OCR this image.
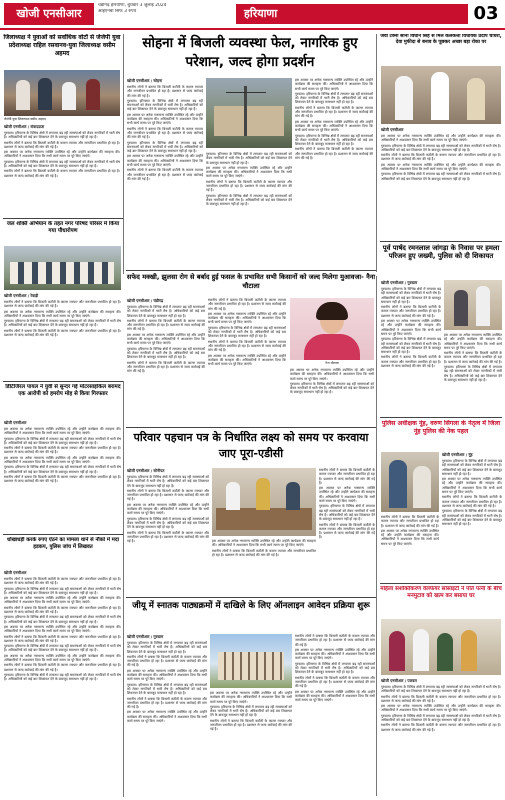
खोजी एनसीआर
चंडीगढ़ हरियाणा, बुधवार 3 जुलाई 2024
आईएनबी सिर्फ 3 रुपये	हरियाणा	03
जिलाध्यक्ष ने युवाओं को सर्वाधिक वोटों से जेजेपी युवा प्रदेशाध्यक्ष राहिल रसवानव-युवा जिलाध्यक्ष वसीम अहमद
जेजेपी युवा जिलाध्यक्ष वसीम अहमद
खोजी एनसीआर / संवाददाता

गुरुग्राम। हरियाणा के विभिन्न क्षेत्रों में लगातार बढ़ रही समस्याओं को लेकर नागरिकों में भारी रोष है। अधिकारियों को कई बार शिकायत देने के बावजूद समाधान नहीं हो रहा है।

स्थानीय लोगों ने बताया कि बिजली कटौती के कारण व्यापार और जनजीवन प्रभावित हो रहा है। प्रशासन से जल्द कार्रवाई की मांग की गई है।

इस अवसर पर अनेक गणमान्य व्यक्ति उपस्थित रहे और उन्होंने कार्यक्रम की सराहना की। अधिकारियों ने आश्वासन दिया कि सभी कार्य समय पर पूरे किए जाएंगे।

गुरुग्राम। हरियाणा के विभिन्न क्षेत्रों में लगातार बढ़ रही समस्याओं को लेकर नागरिकों में भारी रोष है। अधिकारियों को कई बार शिकायत देने के बावजूद समाधान नहीं हो रहा है।

स्थानीय लोगों ने बताया कि बिजली कटौती के कारण व्यापार और जनजीवन प्रभावित हो रहा है। प्रशासन से जल्द कार्रवाई की मांग की गई है।

सोहना में बिजली व्यवस्था फेल, नागरिक हुए परेशान, जल्द होगा प्रदर्शन
खोजी एनसीआर / सोहना

स्थानीय लोगों ने बताया कि बिजली कटौती के कारण व्यापार और जनजीवन प्रभावित हो रहा है। प्रशासन से जल्द कार्रवाई की मांग की गई है।

गुरुग्राम। हरियाणा के विभिन्न क्षेत्रों में लगातार बढ़ रही समस्याओं को लेकर नागरिकों में भारी रोष है। अधिकारियों को कई बार शिकायत देने के बावजूद समाधान नहीं हो रहा है।

इस अवसर पर अनेक गणमान्य व्यक्ति उपस्थित रहे और उन्होंने कार्यक्रम की सराहना की। अधिकारियों ने आश्वासन दिया कि सभी कार्य समय पर पूरे किए जाएंगे।

स्थानीय लोगों ने बताया कि बिजली कटौती के कारण व्यापार और जनजीवन प्रभावित हो रहा है। प्रशासन से जल्द कार्रवाई की मांग की गई है।

गुरुग्राम। हरियाणा के विभिन्न क्षेत्रों में लगातार बढ़ रही समस्याओं को लेकर नागरिकों में भारी रोष है। अधिकारियों को कई बार शिकायत देने के बावजूद समाधान नहीं हो रहा है।

इस अवसर पर अनेक गणमान्य व्यक्ति उपस्थित रहे और उन्होंने कार्यक्रम की सराहना की। अधिकारियों ने आश्वासन दिया कि सभी कार्य समय पर पूरे किए जाएंगे।

स्थानीय लोगों ने बताया कि बिजली कटौती के कारण व्यापार और जनजीवन प्रभावित हो रहा है। प्रशासन से जल्द कार्रवाई की मांग की गई है।

गुरुग्राम। हरियाणा के विभिन्न क्षेत्रों में लगातार बढ़ रही समस्याओं को लेकर नागरिकों में भारी रोष है। अधिकारियों को कई बार शिकायत देने के बावजूद समाधान नहीं हो रहा है।

इस अवसर पर अनेक गणमान्य व्यक्ति उपस्थित रहे और उन्होंने कार्यक्रम की सराहना की। अधिकारियों ने आश्वासन दिया कि सभी कार्य समय पर पूरे किए जाएंगे।

स्थानीय लोगों ने बताया कि बिजली कटौती के कारण व्यापार और जनजीवन प्रभावित हो रहा है। प्रशासन से जल्द कार्रवाई की मांग की गई है।

गुरुग्राम। हरियाणा के विभिन्न क्षेत्रों में लगातार बढ़ रही समस्याओं को लेकर नागरिकों में भारी रोष है। अधिकारियों को कई बार शिकायत देने के बावजूद समाधान नहीं हो रहा है।

इस अवसर पर अनेक गणमान्य व्यक्ति उपस्थित रहे और उन्होंने कार्यक्रम की सराहना की। अधिकारियों ने आश्वासन दिया कि सभी कार्य समय पर पूरे किए जाएंगे।

गुरुग्राम। हरियाणा के विभिन्न क्षेत्रों में लगातार बढ़ रही समस्याओं को लेकर नागरिकों में भारी रोष है। अधिकारियों को कई बार शिकायत देने के बावजूद समाधान नहीं हो रहा है।

स्थानीय लोगों ने बताया कि बिजली कटौती के कारण व्यापार और जनजीवन प्रभावित हो रहा है। प्रशासन से जल्द कार्रवाई की मांग की गई है।

इस अवसर पर अनेक गणमान्य व्यक्ति उपस्थित रहे और उन्होंने कार्यक्रम की सराहना की। अधिकारियों ने आश्वासन दिया कि सभी कार्य समय पर पूरे किए जाएंगे।

गुरुग्राम। हरियाणा के विभिन्न क्षेत्रों में लगातार बढ़ रही समस्याओं को लेकर नागरिकों में भारी रोष है। अधिकारियों को कई बार शिकायत देने के बावजूद समाधान नहीं हो रहा है।

स्थानीय लोगों ने बताया कि बिजली कटौती के कारण व्यापार और जनजीवन प्रभावित हो रहा है। प्रशासन से जल्द कार्रवाई की मांग की गई है।

जेवी टेक्नो सोना विधान सिंह से मिले कलकत्ता विधायक प्रदीप चौधरी, देवा मुफीदा से बनाव के पूछकर अच्छा बड़ा रोका पर
खोजी एनसीआर

इस अवसर पर अनेक गणमान्य व्यक्ति उपस्थित रहे और उन्होंने कार्यक्रम की सराहना की। अधिकारियों ने आश्वासन दिया कि सभी कार्य समय पर पूरे किए जाएंगे।

गुरुग्राम। हरियाणा के विभिन्न क्षेत्रों में लगातार बढ़ रही समस्याओं को लेकर नागरिकों में भारी रोष है। अधिकारियों को कई बार शिकायत देने के बावजूद समाधान नहीं हो रहा है।

स्थानीय लोगों ने बताया कि बिजली कटौती के कारण व्यापार और जनजीवन प्रभावित हो रहा है। प्रशासन से जल्द कार्रवाई की मांग की गई है।

इस अवसर पर अनेक गणमान्य व्यक्ति उपस्थित रहे और उन्होंने कार्यक्रम की सराहना की। अधिकारियों ने आश्वासन दिया कि सभी कार्य समय पर पूरे किए जाएंगे।

गुरुग्राम। हरियाणा के विभिन्न क्षेत्रों में लगातार बढ़ रही समस्याओं को लेकर नागरिकों में भारी रोष है। अधिकारियों को कई बार शिकायत देने के बावजूद समाधान नहीं हो रहा है।

पूर्व पार्षद रमनलाल जांगड़ा के निवास पर हमला परिजन हुए जख्मी, पुलिस को दी शिकायत
जल शक्ति अभियान के तहत नगर परिषद परिसर में किया गया पौधारोपण
खोजी एनसीआर / रेवाड़ी

स्थानीय लोगों ने बताया कि बिजली कटौती के कारण व्यापार और जनजीवन प्रभावित हो रहा है। प्रशासन से जल्द कार्रवाई की मांग की गई है।

इस अवसर पर अनेक गणमान्य व्यक्ति उपस्थित रहे और उन्होंने कार्यक्रम की सराहना की। अधिकारियों ने आश्वासन दिया कि सभी कार्य समय पर पूरे किए जाएंगे।

गुरुग्राम। हरियाणा के विभिन्न क्षेत्रों में लगातार बढ़ रही समस्याओं को लेकर नागरिकों में भारी रोष है। अधिकारियों को कई बार शिकायत देने के बावजूद समाधान नहीं हो रहा है।

स्थानीय लोगों ने बताया कि बिजली कटौती के कारण व्यापार और जनजीवन प्रभावित हो रहा है। प्रशासन से जल्द कार्रवाई की मांग की गई है।

सफेद मक्खी, झुलसा रोग से बर्बाद हुई फसल के प्रभावित सभी किसानों को जल्द मिलेगा मुआवजा- नैना चौटाला
खोजी एनसीआर / चंडीगढ़

गुरुग्राम। हरियाणा के विभिन्न क्षेत्रों में लगातार बढ़ रही समस्याओं को लेकर नागरिकों में भारी रोष है। अधिकारियों को कई बार शिकायत देने के बावजूद समाधान नहीं हो रहा है।

स्थानीय लोगों ने बताया कि बिजली कटौती के कारण व्यापार और जनजीवन प्रभावित हो रहा है। प्रशासन से जल्द कार्रवाई की मांग की गई है।

इस अवसर पर अनेक गणमान्य व्यक्ति उपस्थित रहे और उन्होंने कार्यक्रम की सराहना की। अधिकारियों ने आश्वासन दिया कि सभी कार्य समय पर पूरे किए जाएंगे।

गुरुग्राम। हरियाणा के विभिन्न क्षेत्रों में लगातार बढ़ रही समस्याओं को लेकर नागरिकों में भारी रोष है। अधिकारियों को कई बार शिकायत देने के बावजूद समाधान नहीं हो रहा है।

स्थानीय लोगों ने बताया कि बिजली कटौती के कारण व्यापार और जनजीवन प्रभावित हो रहा है। प्रशासन से जल्द कार्रवाई की मांग की गई है।

स्थानीय लोगों ने बताया कि बिजली कटौती के कारण व्यापार और जनजीवन प्रभावित हो रहा है। प्रशासन से जल्द कार्रवाई की मांग की गई है।

इस अवसर पर अनेक गणमान्य व्यक्ति उपस्थित रहे और उन्होंने कार्यक्रम की सराहना की। अधिकारियों ने आश्वासन दिया कि सभी कार्य समय पर पूरे किए जाएंगे।

गुरुग्राम। हरियाणा के विभिन्न क्षेत्रों में लगातार बढ़ रही समस्याओं को लेकर नागरिकों में भारी रोष है। अधिकारियों को कई बार शिकायत देने के बावजूद समाधान नहीं हो रहा है।

स्थानीय लोगों ने बताया कि बिजली कटौती के कारण व्यापार और जनजीवन प्रभावित हो रहा है। प्रशासन से जल्द कार्रवाई की मांग की गई है।

इस अवसर पर अनेक गणमान्य व्यक्ति उपस्थित रहे और उन्होंने कार्यक्रम की सराहना की। अधिकारियों ने आश्वासन दिया कि सभी कार्य समय पर पूरे किए जाएंगे।	नैना चौटाला

इस अवसर पर अनेक गणमान्य व्यक्ति उपस्थित रहे और उन्होंने कार्यक्रम की सराहना की। अधिकारियों ने आश्वासन दिया कि सभी कार्य समय पर पूरे किए जाएंगे।

गुरुग्राम। हरियाणा के विभिन्न क्षेत्रों में लगातार बढ़ रही समस्याओं को लेकर नागरिकों में भारी रोष है। अधिकारियों को कई बार शिकायत देने के बावजूद समाधान नहीं हो रहा है।

खोजी एनसीआर / गुरुग्राम

गुरुग्राम। हरियाणा के विभिन्न क्षेत्रों में लगातार बढ़ रही समस्याओं को लेकर नागरिकों में भारी रोष है। अधिकारियों को कई बार शिकायत देने के बावजूद समाधान नहीं हो रहा है।

स्थानीय लोगों ने बताया कि बिजली कटौती के कारण व्यापार और जनजीवन प्रभावित हो रहा है। प्रशासन से जल्द कार्रवाई की मांग की गई है।

इस अवसर पर अनेक गणमान्य व्यक्ति उपस्थित रहे और उन्होंने कार्यक्रम की सराहना की। अधिकारियों ने आश्वासन दिया कि सभी कार्य समय पर पूरे किए जाएंगे।

गुरुग्राम। हरियाणा के विभिन्न क्षेत्रों में लगातार बढ़ रही समस्याओं को लेकर नागरिकों में भारी रोष है। अधिकारियों को कई बार शिकायत देने के बावजूद समाधान नहीं हो रहा है।

स्थानीय लोगों ने बताया कि बिजली कटौती के कारण व्यापार और जनजीवन प्रभावित हो रहा है। प्रशासन से जल्द कार्रवाई की मांग की गई है।

इस अवसर पर अनेक गणमान्य व्यक्ति उपस्थित रहे और उन्होंने कार्यक्रम की सराहना की। अधिकारियों ने आश्वासन दिया कि सभी कार्य समय पर पूरे किए जाएंगे।

स्थानीय लोगों ने बताया कि बिजली कटौती के कारण व्यापार और जनजीवन प्रभावित हो रहा है। प्रशासन से जल्द कार्रवाई की मांग की गई है।

गुरुग्राम। हरियाणा के विभिन्न क्षेत्रों में लगातार बढ़ रही समस्याओं को लेकर नागरिकों में भारी रोष है। अधिकारियों को कई बार शिकायत देने के बावजूद समाधान नहीं हो रहा है।

डिटिजिरल पायल ने युवी से सुन्दर गई मोटरसाइकिल बरामद एक आरोपी को हमरोप मोह से किया गिरफ्तार
खोजी एनसीआर

इस अवसर पर अनेक गणमान्य व्यक्ति उपस्थित रहे और उन्होंने कार्यक्रम की सराहना की। अधिकारियों ने आश्वासन दिया कि सभी कार्य समय पर पूरे किए जाएंगे।

गुरुग्राम। हरियाणा के विभिन्न क्षेत्रों में लगातार बढ़ रही समस्याओं को लेकर नागरिकों में भारी रोष है। अधिकारियों को कई बार शिकायत देने के बावजूद समाधान नहीं हो रहा है।

स्थानीय लोगों ने बताया कि बिजली कटौती के कारण व्यापार और जनजीवन प्रभावित हो रहा है। प्रशासन से जल्द कार्रवाई की मांग की गई है।

इस अवसर पर अनेक गणमान्य व्यक्ति उपस्थित रहे और उन्होंने कार्यक्रम की सराहना की। अधिकारियों ने आश्वासन दिया कि सभी कार्य समय पर पूरे किए जाएंगे।

गुरुग्राम। हरियाणा के विभिन्न क्षेत्रों में लगातार बढ़ रही समस्याओं को लेकर नागरिकों में भारी रोष है। अधिकारियों को कई बार शिकायत देने के बावजूद समाधान नहीं हो रहा है।

स्थानीय लोगों ने बताया कि बिजली कटौती के कारण व्यापार और जनजीवन प्रभावित हो रहा है। प्रशासन से जल्द कार्रवाई की मांग की गई है।

परिवार पहचान पत्र के निर्धारित लक्ष्य को समय पर करवाया जाए पूरा-एडीसी
खोजी एनसीआर / सोनीपत

गुरुग्राम। हरियाणा के विभिन्न क्षेत्रों में लगातार बढ़ रही समस्याओं को लेकर नागरिकों में भारी रोष है। अधिकारियों को कई बार शिकायत देने के बावजूद समाधान नहीं हो रहा है।

स्थानीय लोगों ने बताया कि बिजली कटौती के कारण व्यापार और जनजीवन प्रभावित हो रहा है। प्रशासन से जल्द कार्रवाई की मांग की गई है।

इस अवसर पर अनेक गणमान्य व्यक्ति उपस्थित रहे और उन्होंने कार्यक्रम की सराहना की। अधिकारियों ने आश्वासन दिया कि सभी कार्य समय पर पूरे किए जाएंगे।

गुरुग्राम। हरियाणा के विभिन्न क्षेत्रों में लगातार बढ़ रही समस्याओं को लेकर नागरिकों में भारी रोष है। अधिकारियों को कई बार शिकायत देने के बावजूद समाधान नहीं हो रहा है।

स्थानीय लोगों ने बताया कि बिजली कटौती के कारण व्यापार और जनजीवन प्रभावित हो रहा है। प्रशासन से जल्द कार्रवाई की मांग की गई है।	इस अवसर पर अनेक गणमान्य व्यक्ति उपस्थित रहे और उन्होंने कार्यक्रम की सराहना की। अधिकारियों ने आश्वासन दिया कि सभी कार्य समय पर पूरे किए जाएंगे।

स्थानीय लोगों ने बताया कि बिजली कटौती के कारण व्यापार और जनजीवन प्रभावित हो रहा है। प्रशासन से जल्द कार्रवाई की मांग की गई है।

स्थानीय लोगों ने बताया कि बिजली कटौती के कारण व्यापार और जनजीवन प्रभावित हो रहा है। प्रशासन से जल्द कार्रवाई की मांग की गई है।

इस अवसर पर अनेक गणमान्य व्यक्ति उपस्थित रहे और उन्होंने कार्यक्रम की सराहना की। अधिकारियों ने आश्वासन दिया कि सभी कार्य समय पर पूरे किए जाएंगे।

गुरुग्राम। हरियाणा के विभिन्न क्षेत्रों में लगातार बढ़ रही समस्याओं को लेकर नागरिकों में भारी रोष है। अधिकारियों को कई बार शिकायत देने के बावजूद समाधान नहीं हो रहा है।

स्थानीय लोगों ने बताया कि बिजली कटौती के कारण व्यापार और जनजीवन प्रभावित हो रहा है। प्रशासन से जल्द कार्रवाई की मांग की गई है।

पुलिस अधीक्षक नूंह, वरुण सिंगला के नेतृत्व में जिला नूंह पुलिस की नेक पहल
खोजी एनसीआर / नूंह

गुरुग्राम। हरियाणा के विभिन्न क्षेत्रों में लगातार बढ़ रही समस्याओं को लेकर नागरिकों में भारी रोष है। अधिकारियों को कई बार शिकायत देने के बावजूद समाधान नहीं हो रहा है।

इस अवसर पर अनेक गणमान्य व्यक्ति उपस्थित रहे और उन्होंने कार्यक्रम की सराहना की। अधिकारियों ने आश्वासन दिया कि सभी कार्य समय पर पूरे किए जाएंगे।

स्थानीय लोगों ने बताया कि बिजली कटौती के कारण व्यापार और जनजीवन प्रभावित हो रहा है। प्रशासन से जल्द कार्रवाई की मांग की गई है।

गुरुग्राम। हरियाणा के विभिन्न क्षेत्रों में लगातार बढ़ रही समस्याओं को लेकर नागरिकों में भारी रोष है। अधिकारियों को कई बार शिकायत देने के बावजूद समाधान नहीं हो रहा है।

स्थानीय लोगों ने बताया कि बिजली कटौती के कारण व्यापार और जनजीवन प्रभावित हो रहा है। प्रशासन से जल्द कार्रवाई की मांग की गई है।

इस अवसर पर अनेक गणमान्य व्यक्ति उपस्थित रहे और उन्होंने कार्यक्रम की सराहना की। अधिकारियों ने आश्वासन दिया कि सभी कार्य समय पर पूरे किए जाएंगे।

धोखाधड़ी करके रुपए ऐंठने का मामला थाने से नौकों में मदा हडकप, पुलिस जांच में लिखवत
खोजी एनसीआर

स्थानीय लोगों ने बताया कि बिजली कटौती के कारण व्यापार और जनजीवन प्रभावित हो रहा है। प्रशासन से जल्द कार्रवाई की मांग की गई है।

गुरुग्राम। हरियाणा के विभिन्न क्षेत्रों में लगातार बढ़ रही समस्याओं को लेकर नागरिकों में भारी रोष है। अधिकारियों को कई बार शिकायत देने के बावजूद समाधान नहीं हो रहा है।

इस अवसर पर अनेक गणमान्य व्यक्ति उपस्थित रहे और उन्होंने कार्यक्रम की सराहना की। अधिकारियों ने आश्वासन दिया कि सभी कार्य समय पर पूरे किए जाएंगे।

स्थानीय लोगों ने बताया कि बिजली कटौती के कारण व्यापार और जनजीवन प्रभावित हो रहा है। प्रशासन से जल्द कार्रवाई की मांग की गई है।

गुरुग्राम। हरियाणा के विभिन्न क्षेत्रों में लगातार बढ़ रही समस्याओं को लेकर नागरिकों में भारी रोष है। अधिकारियों को कई बार शिकायत देने के बावजूद समाधान नहीं हो रहा है।

इस अवसर पर अनेक गणमान्य व्यक्ति उपस्थित रहे और उन्होंने कार्यक्रम की सराहना की। अधिकारियों ने आश्वासन दिया कि सभी कार्य समय पर पूरे किए जाएंगे।

स्थानीय लोगों ने बताया कि बिजली कटौती के कारण व्यापार और जनजीवन प्रभावित हो रहा है। प्रशासन से जल्द कार्रवाई की मांग की गई है।

गुरुग्राम। हरियाणा के विभिन्न क्षेत्रों में लगातार बढ़ रही समस्याओं को लेकर नागरिकों में भारी रोष है। अधिकारियों को कई बार शिकायत देने के बावजूद समाधान नहीं हो रहा है।

इस अवसर पर अनेक गणमान्य व्यक्ति उपस्थित रहे और उन्होंने कार्यक्रम की सराहना की। अधिकारियों ने आश्वासन दिया कि सभी कार्य समय पर पूरे किए जाएंगे।

स्थानीय लोगों ने बताया कि बिजली कटौती के कारण व्यापार और जनजीवन प्रभावित हो रहा है। प्रशासन से जल्द कार्रवाई की मांग की गई है।

गुरुग्राम। हरियाणा के विभिन्न क्षेत्रों में लगातार बढ़ रही समस्याओं को लेकर नागरिकों में भारी रोष है। अधिकारियों को कई बार शिकायत देने के बावजूद समाधान नहीं हो रहा है।

जीयू में स्नातक पाठ्यक्रमों में दाखिले के लिए ऑनलाइन आवेदन प्रक्रिया शुरू
खोजी एनसीआर / गुरुग्राम

गुरुग्राम। हरियाणा के विभिन्न क्षेत्रों में लगातार बढ़ रही समस्याओं को लेकर नागरिकों में भारी रोष है। अधिकारियों को कई बार शिकायत देने के बावजूद समाधान नहीं हो रहा है।

स्थानीय लोगों ने बताया कि बिजली कटौती के कारण व्यापार और जनजीवन प्रभावित हो रहा है। प्रशासन से जल्द कार्रवाई की मांग की गई है।

इस अवसर पर अनेक गणमान्य व्यक्ति उपस्थित रहे और उन्होंने कार्यक्रम की सराहना की। अधिकारियों ने आश्वासन दिया कि सभी कार्य समय पर पूरे किए जाएंगे।

गुरुग्राम। हरियाणा के विभिन्न क्षेत्रों में लगातार बढ़ रही समस्याओं को लेकर नागरिकों में भारी रोष है। अधिकारियों को कई बार शिकायत देने के बावजूद समाधान नहीं हो रहा है।

स्थानीय लोगों ने बताया कि बिजली कटौती के कारण व्यापार और जनजीवन प्रभावित हो रहा है। प्रशासन से जल्द कार्रवाई की मांग की गई है।

इस अवसर पर अनेक गणमान्य व्यक्ति उपस्थित रहे और उन्होंने कार्यक्रम की सराहना की। अधिकारियों ने आश्वासन दिया कि सभी कार्य समय पर पूरे किए जाएंगे।

इस अवसर पर अनेक गणमान्य व्यक्ति उपस्थित रहे और उन्होंने कार्यक्रम की सराहना की। अधिकारियों ने आश्वासन दिया कि सभी कार्य समय पर पूरे किए जाएंगे।

गुरुग्राम। हरियाणा के विभिन्न क्षेत्रों में लगातार बढ़ रही समस्याओं को लेकर नागरिकों में भारी रोष है। अधिकारियों को कई बार शिकायत देने के बावजूद समाधान नहीं हो रहा है।

स्थानीय लोगों ने बताया कि बिजली कटौती के कारण व्यापार और जनजीवन प्रभावित हो रहा है। प्रशासन से जल्द कार्रवाई की मांग की गई है।

स्थानीय लोगों ने बताया कि बिजली कटौती के कारण व्यापार और जनजीवन प्रभावित हो रहा है। प्रशासन से जल्द कार्रवाई की मांग की गई है।

इस अवसर पर अनेक गणमान्य व्यक्ति उपस्थित रहे और उन्होंने कार्यक्रम की सराहना की। अधिकारियों ने आश्वासन दिया कि सभी कार्य समय पर पूरे किए जाएंगे।

गुरुग्राम। हरियाणा के विभिन्न क्षेत्रों में लगातार बढ़ रही समस्याओं को लेकर नागरिकों में भारी रोष है। अधिकारियों को कई बार शिकायत देने के बावजूद समाधान नहीं हो रहा है।

स्थानीय लोगों ने बताया कि बिजली कटौती के कारण व्यापार और जनजीवन प्रभावित हो रहा है। प्रशासन से जल्द कार्रवाई की मांग की गई है।

इस अवसर पर अनेक गणमान्य व्यक्ति उपस्थित रहे और उन्होंने कार्यक्रम की सराहना की। अधिकारियों ने आश्वासन दिया कि सभी कार्य समय पर पूरे किए जाएंगे।

महिला सशक्तिकरण वेलफेयर सोसाइटी ने पति पत्नी के बीच मनमुटाव को खत्म कर बसाया घर
खोजी एनसीआर / पलवल

गुरुग्राम। हरियाणा के विभिन्न क्षेत्रों में लगातार बढ़ रही समस्याओं को लेकर नागरिकों में भारी रोष है। अधिकारियों को कई बार शिकायत देने के बावजूद समाधान नहीं हो रहा है।

स्थानीय लोगों ने बताया कि बिजली कटौती के कारण व्यापार और जनजीवन प्रभावित हो रहा है। प्रशासन से जल्द कार्रवाई की मांग की गई है।

इस अवसर पर अनेक गणमान्य व्यक्ति उपस्थित रहे और उन्होंने कार्यक्रम की सराहना की। अधिकारियों ने आश्वासन दिया कि सभी कार्य समय पर पूरे किए जाएंगे।

गुरुग्राम। हरियाणा के विभिन्न क्षेत्रों में लगातार बढ़ रही समस्याओं को लेकर नागरिकों में भारी रोष है। अधिकारियों को कई बार शिकायत देने के बावजूद समाधान नहीं हो रहा है।

स्थानीय लोगों ने बताया कि बिजली कटौती के कारण व्यापार और जनजीवन प्रभावित हो रहा है। प्रशासन से जल्द कार्रवाई की मांग की गई है।
